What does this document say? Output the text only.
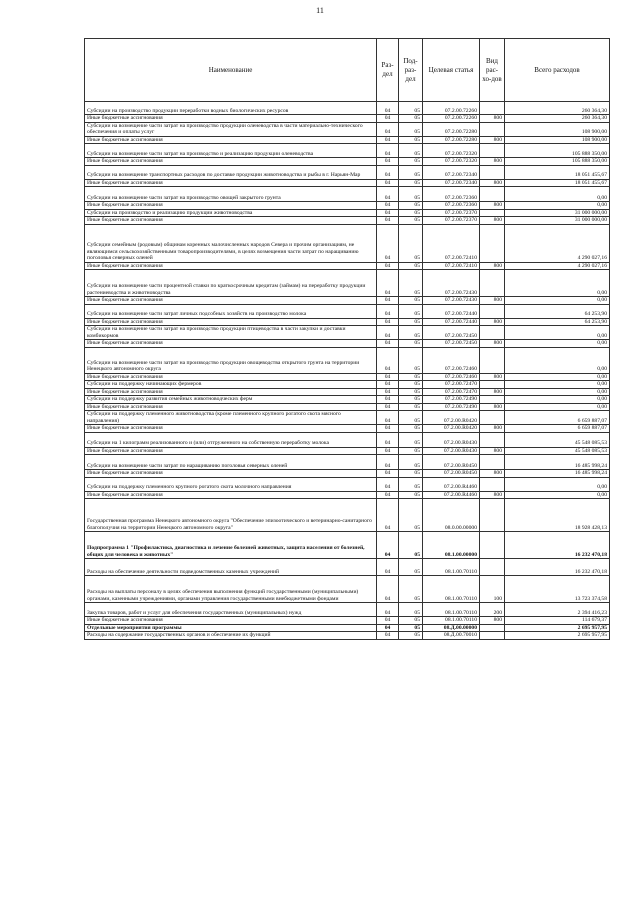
11
Наименование	Раз-дел	Под-раз-дел	Целевая статья	Вид рас-хо-дов	Всего расходов
Субсидии на производство продукции переработки водных биологических ресурсов	04	05	07.2.00.72260		260 364,30
Иные бюджетные ассигнования	04	05	07.2.00.72260	800	260 364,30
Субсидии на возмещение части затрат на производство продукции оленеводства в части материально-технического обеспечения и оплаты услуг	04	05	07.2.00.72280		108 900,00
Иные бюджетные ассигнования	04	05	07.2.00.72280	800	108 900,00
Субсидии на возмещение части затрат на производство и реализацию продукции оленеводства	04	05	07.2.00.72320		105 888 350,00
Иные бюджетные ассигнования	04	05	07.2.00.72320	800	105 888 350,00
Субсидии на возмещение транспортных расходов по доставке продукции животноводства и рыбы в г. Нарьян-Мар	04	05	07.2.00.72340		18 051 455,67
Иные бюджетные ассигнования	04	05	07.2.00.72340	800	18 051 455,67
Субсидии на возмещение части затрат на производство овощей закрытого грунта	04	05	07.2.00.72360		0,00
Иные бюджетные ассигнования	04	05	07.2.00.72360	800	0,00
Субсидии на производство и реализацию продукции животноводства	04	05	07.2.00.72370		31 000 000,00
Иные бюджетные ассигнования	04	05	07.2.00.72370	800	31 000 000,00
Субсидии семейным (родовым) общинам коренных малочисленных народов Севера и прочим организациям, не являющимся сельскохозяйственными товаропроизводителями, в целях возмещения части затрат по наращиванию поголовья северных оленей	04	05	07.2.00.72410		4 290 027,16
Иные бюджетные ассигнования	04	05	07.2.00.72410	800	4 290 027,16
Субсидии на возмещение части процентной ставки по краткосрочным кредитам (займам) на переработку продукции растениеводства и животноводства	04	05	07.2.00.72430		0,00
Иные бюджетные ассигнования	04	05	07.2.00.72430	800	0,00
Субсидии на возмещение части затрат личных подсобных хозяйств на производство молока	04	05	07.2.00.72440		64 253,90
Иные бюджетные ассигнования	04	05	07.2.00.72440	800	64 253,90
Субсидии на возмещение части затрат на производство продукции птицеводства в части закупки и доставки комбикормов	04	05	07.2.00.72450		0,00
Иные бюджетные ассигнования	04	05	07.2.00.72450	800	0,00
Субсидии на возмещение части затрат на производство продукции овощеводства открытого грунта на территории Ненецкого автономного округа	04	05	07.2.00.72460		0,00
Иные бюджетные ассигнования	04	05	07.2.00.72460	800	0,00
Субсидии на поддержку начинающих фермеров	04	05	07.2.00.72470		0,00
Иные бюджетные ассигнования	04	05	07.2.00.72470	800	0,00
Субсидии на поддержку развития семейных животноводческих ферм	04	05	07.2.00.72490		0,00
Иные бюджетные ассигнования	04	05	07.2.00.72490	800	0,00
Субсидии на поддержку племенного животноводства (кроме племенного крупного рогатого скота мясного направления)	04	05	07.2.00.R0420		6 659 887,07
Иные бюджетные ассигнования	04	05	07.2.00.R0420	800	6 659 887,07
Субсидии на 1 килограмм реализованного и (или) отгруженного на собственную переработку молока	04	05	07.2.00.R0430		45 548 085,53
Иные бюджетные ассигнования	04	05	07.2.00.R0430	800	45 548 085,53
Субсидии на возмещение части затрат по наращиванию поголовья северных оленей	04	05	07.2.00.R0450		16 485 998,24
Иные бюджетные ассигнования	04	05	07.2.00.R0450	800	16 485 998,24
Субсидии на поддержку племенного крупного рогатого скота молочного направления	04	05	07.2.00.R4460		0,00
Иные бюджетные ассигнования	04	05	07.2.00.R4460	800	0,00
Государственная программа Ненецкого автономного округа "Обеспечение эпизоотического и ветеринарно-санитарного благополучия на территории Ненецкого автономного округа"	04	05	08.0.00.00000		18 928 428,13
Подпрограмма 1 "Профилактика, диагностика и лечение болезней животных, защита населения от болезней, общих для человека и животных"	04	05	08.1.00.00000		16 232 470,18
Расходы на обеспечение деятельности подведомственных казенных учреждений	04	05	08.1.00.70110		16 232 470,18
Расходы на выплаты персоналу в целях обеспечения выполнения функций государственными (муниципальными) органами, казенными учреждениями, органами управления государственными внебюджетными фондами	04	05	08.1.00.70110	100	13 723 374,58
Закупка товаров, работ и услуг для обеспечения государственных (муниципальных) нужд	04	05	08.1.00.70110	200	2 394 416,23
Иные бюджетные ассигнования	04	05	08.1.00.70110	800	114 679,37
Отдельные мероприятия программы	04	05	08.Д.00.00000		2 695 957,95
Расходы на содержание государственных органов и обеспечение их функций	04	05	08.Д.00.70010		2 695 957,95
